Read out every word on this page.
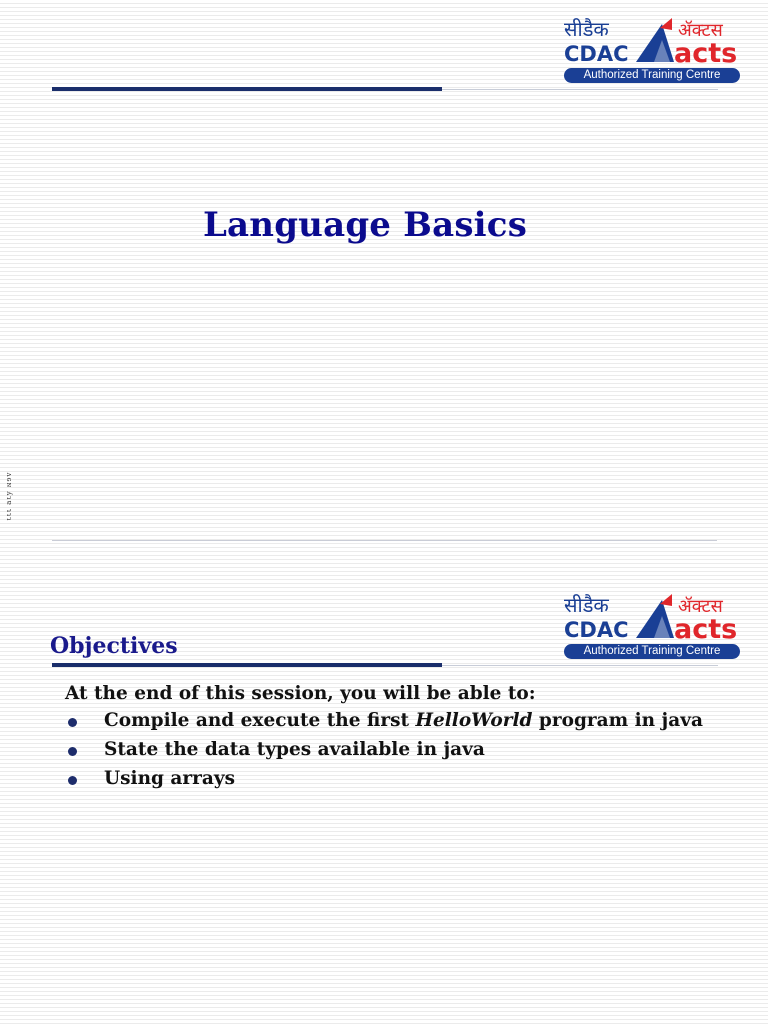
सीडैक
CDAC
ॲक्टस
acts
Authorized Training Centre
Language Basics
ᴧɢɴ ʎɿɐ ɿɿɿ
सीडैक
CDAC
ॲक्टस
acts
Authorized Training Centre
Objectives

At the end of this session, you will be able to:

Compile and execute the first HelloWorld program in java
State the data types available in java
Using arrays
